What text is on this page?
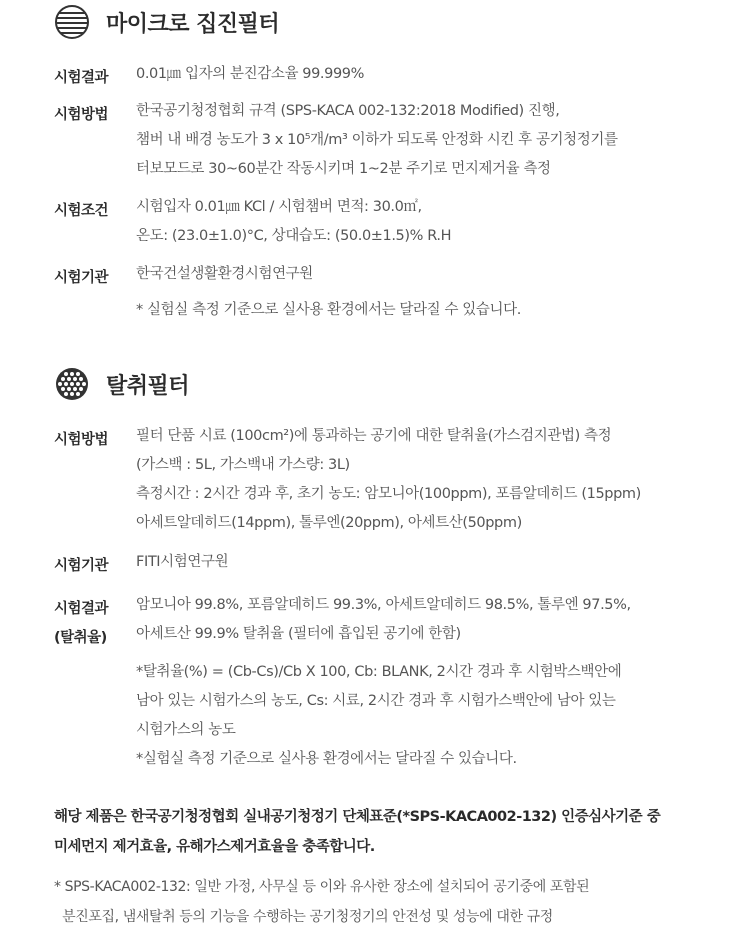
마이크로 집진필터
시험결과 0.01㎛ 입자의 분진감소율 99.999%
시험방법 한국공기청정협회 규격 (SPS-KACA 002-132:2018 Modified) 진행,
챔버 내 배경 농도가 3 x 10⁵개/m³ 이하가 되도록 안정화 시킨 후 공기청정기를
터보모드로 30~60분간 작동시키며 1~2분 주기로 먼지제거율 측정
시험조건 시험입자 0.01㎛ KCl / 시험챔버 면적: 30.0㎡,
온도: (23.0±1.0)°C, 상대습도: (50.0±1.5)% R.H
시험기관 한국건설생활환경시험연구원
* 실험실 측정 기준으로 실사용 환경에서는 달라질 수 있습니다.
탈취필터
시험방법 필터 단품 시료 (100cm²)에 통과하는 공기에 대한 탈취율(가스검지관법) 측정
(가스백 : 5L, 가스백내 가스량: 3L)
측정시간 : 2시간 경과 후, 초기 농도: 암모니아(100ppm), 포름알데히드 (15ppm)
아세트알데히드(14ppm), 톨루엔(20ppm), 아세트산(50ppm)
시험기관 FITI시험연구원
시험결과
(탈취율)
암모니아 99.8%, 포름알데히드 99.3%, 아세트알데히드 98.5%, 톨루엔 97.5%,
아세트산 99.9% 탈취율 (필터에 흡입된 공기에 한함)
*탈취율(%) = (Cb-Cs)/Cb X 100, Cb: BLANK, 2시간 경과 후 시험박스백안에
남아 있는 시험가스의 농도, Cs: 시료, 2시간 경과 후 시험가스백안에 남아 있는
시험가스의 농도
*실험실 측정 기준으로 실사용 환경에서는 달라질 수 있습니다.
해당 제품은 한국공기청정협회 실내공기청정기 단체표준(*SPS-KACA002-132) 인증심사기준 중
미세먼지 제거효율, 유해가스제거효율을 충족합니다.
* SPS-KACA002-132: 일반 가정, 사무실 등 이와 유사한 장소에 설치되어 공기중에 포함된
분진포집, 냄새탈취 등의 기능을 수행하는 공기청정기의 안전성 및 성능에 대한 규정
